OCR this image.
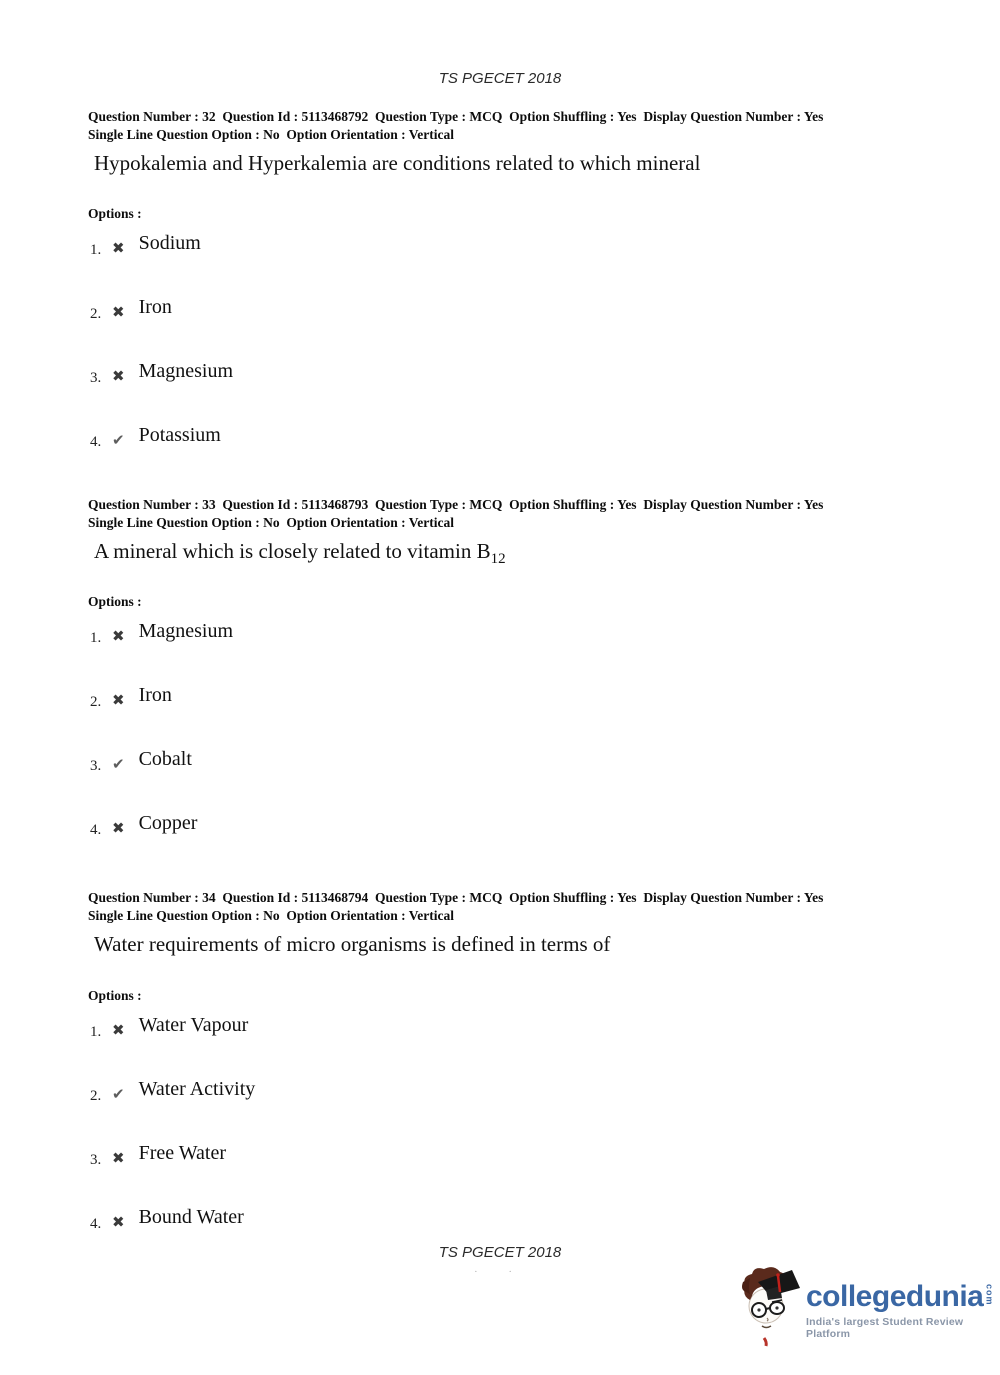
TS PGECET 2018
Question Number : 32  Question Id : 5113468792  Question Type : MCQ  Option Shuffling : Yes  Display Question Number : Yes
Single Line Question Option : No  Option Orientation : Vertical
Hypokalemia and Hyperkalemia are conditions related to which mineral
Options :
1. ✖ Sodium
2. ✖ Iron
3. ✖ Magnesium
4. ✔ Potassium
Question Number : 33  Question Id : 5113468793  Question Type : MCQ  Option Shuffling : Yes  Display Question Number : Yes
Single Line Question Option : No  Option Orientation : Vertical
A mineral which is closely related to vitamin $B_{12}$
Options :
1. ✖ Magnesium
2. ✖ Iron
3. ✔ Cobalt
4. ✖ Copper
Question Number : 34  Question Id : 5113468794  Question Type : MCQ  Option Shuffling : Yes  Display Question Number : Yes
Single Line Question Option : No  Option Orientation : Vertical
Water requirements of micro organisms is defined in terms of
Options :
1. ✖ Water Vapour
2. ✔ Water Activity
3. ✖ Free Water
4. ✖ Bound Water
TS PGECET 2018
· ·
collegedunia com
India's largest Student Review Platform
